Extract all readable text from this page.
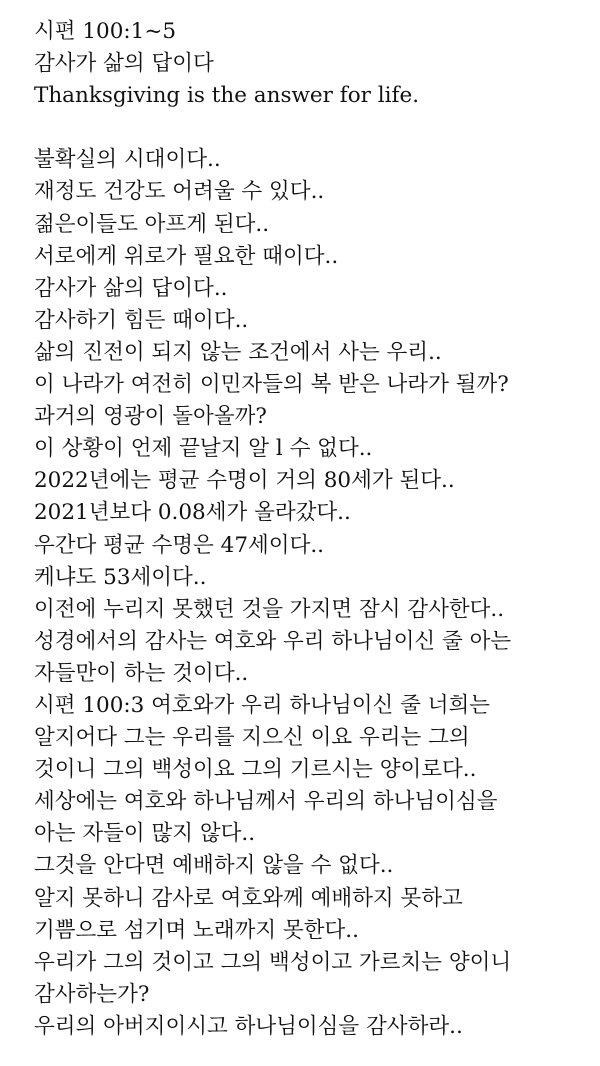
시편 100:1~5
감사가 삶의 답이다
Thanksgiving is the answer for life.
불확실의 시대이다..
재정도 건강도 어려울 수 있다..
젊은이들도 아프게 된다..
서로에게 위로가 필요한 때이다..
감사가 삶의 답이다..
감사하기 힘든 때이다..
삶의 진전이 되지 않는 조건에서 사는 우리..
이 나라가 여전히 이민자들의 복 받은 나라가 될까?
과거의 영광이 돌아올까?
이 상황이 언제 끝날지 알 l 수 없다..
2022년에는 평균 수명이 거의 80세가 된다..
2021년보다 0.08세가 올라갔다..
우간다 평균 수명은 47세이다..
케냐도 53세이다..
이전에 누리지 못했던 것을 가지면 잠시 감사한다..
성경에서의 감사는 여호와 우리 하나님이신 줄 아는
자들만이 하는 것이다..
시편 100:3 여호와가 우리 하나님이신 줄 너희는
알지어다 그는 우리를 지으신 이요 우리는 그의
것이니 그의 백성이요 그의 기르시는 양이로다..
세상에는 여호와 하나님께서 우리의 하나님이심을
아는 자들이 많지 않다..
그것을 안다면 예배하지 않을 수 없다..
알지 못하니 감사로 여호와께 예배하지 못하고
기쁨으로 섬기며 노래까지 못한다..
우리가 그의 것이고 그의 백성이고 가르치는 양이니
감사하는가?
우리의 아버지이시고 하나님이심을 감사하라..
